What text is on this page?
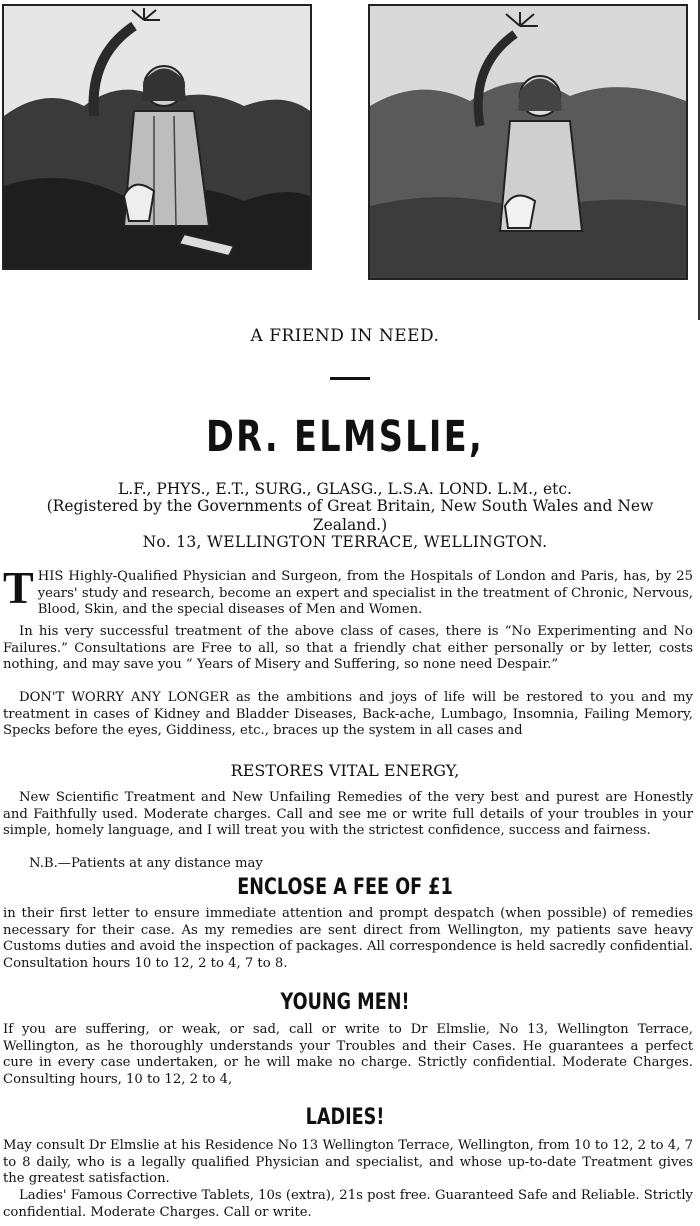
A FRIEND IN NEED.
DR. ELMSLIE,
L.F., PHYS., E.T., SURG., GLASG., L.S.A. LOND. L.M., etc.
(Registered by the Governments of Great Britain, New South Wales and New Zealand.)
No. 13, WELLINGTON TERRACE, WELLINGTON.

THIS Highly-Qualified Physician and Surgeon, from the Hospitals of London and Paris, has, by 25 years' study and research, become an expert and specialist in the treatment of Chronic, Nervous, Blood, Skin, and the special diseases of Men and Women.

In his very successful treatment of the above class of cases, there is “No Experimenting and No Failures.” Consultations are Free to all, so that a friendly chat either personally or by letter, costs nothing, and may save you “ Years of Misery and Suffering, so none need Despair.”

DON'T WORRY ANY LONGER as the ambitions and joys of life will be restored to you and my treatment in cases of Kidney and Bladder Diseases, Back-ache, Lumbago, Insomnia, Failing Memory, Specks before the eyes, Giddiness, etc., braces up the system in all cases and

RESTORES VITAL ENERGY,

New Scientific Treatment and New Unfailing Remedies of the very best and purest are Honestly and Faithfully used. Moderate charges. Call and see me or write full details of your troubles in your simple, homely language, and I will treat you with the strictest confidence, success and fairness.

N.B.—Patients at any distance may

ENCLOSE A FEE OF £1

in their first letter to ensure immediate attention and prompt despatch (when possible) of remedies necessary for their case. As my remedies are sent direct from Wellington, my patients save heavy Customs duties and avoid the inspection of packages. All correspondence is held sacredly confidential. Consultation hours 10 to 12, 2 to 4, 7 to 8.

YOUNG MEN!

If you are suffering, or weak, or sad, call or write to Dr Elmslie, No 13, Wellington Terrace, Wellington, as he thoroughly understands your Troubles and their Cases. He guarantees a perfect cure in every case undertaken, or he will make no charge. Strictly confidential. Moderate Charges. Consulting hours, 10 to 12, 2 to 4,

LADIES!

May consult Dr Elmslie at his Residence No 13 Wellington Terrace, Wellington, from 10 to 12, 2 to 4, 7 to 8 daily, who is a legally qualified Physician and specialist, and whose up-to-date Treatment gives the greatest satisfaction.

Ladies' Famous Corrective Tablets, 10s (extra), 21s post free. Guaranteed Safe and Reliable. Strictly confidential. Moderate Charges. Call or write.
